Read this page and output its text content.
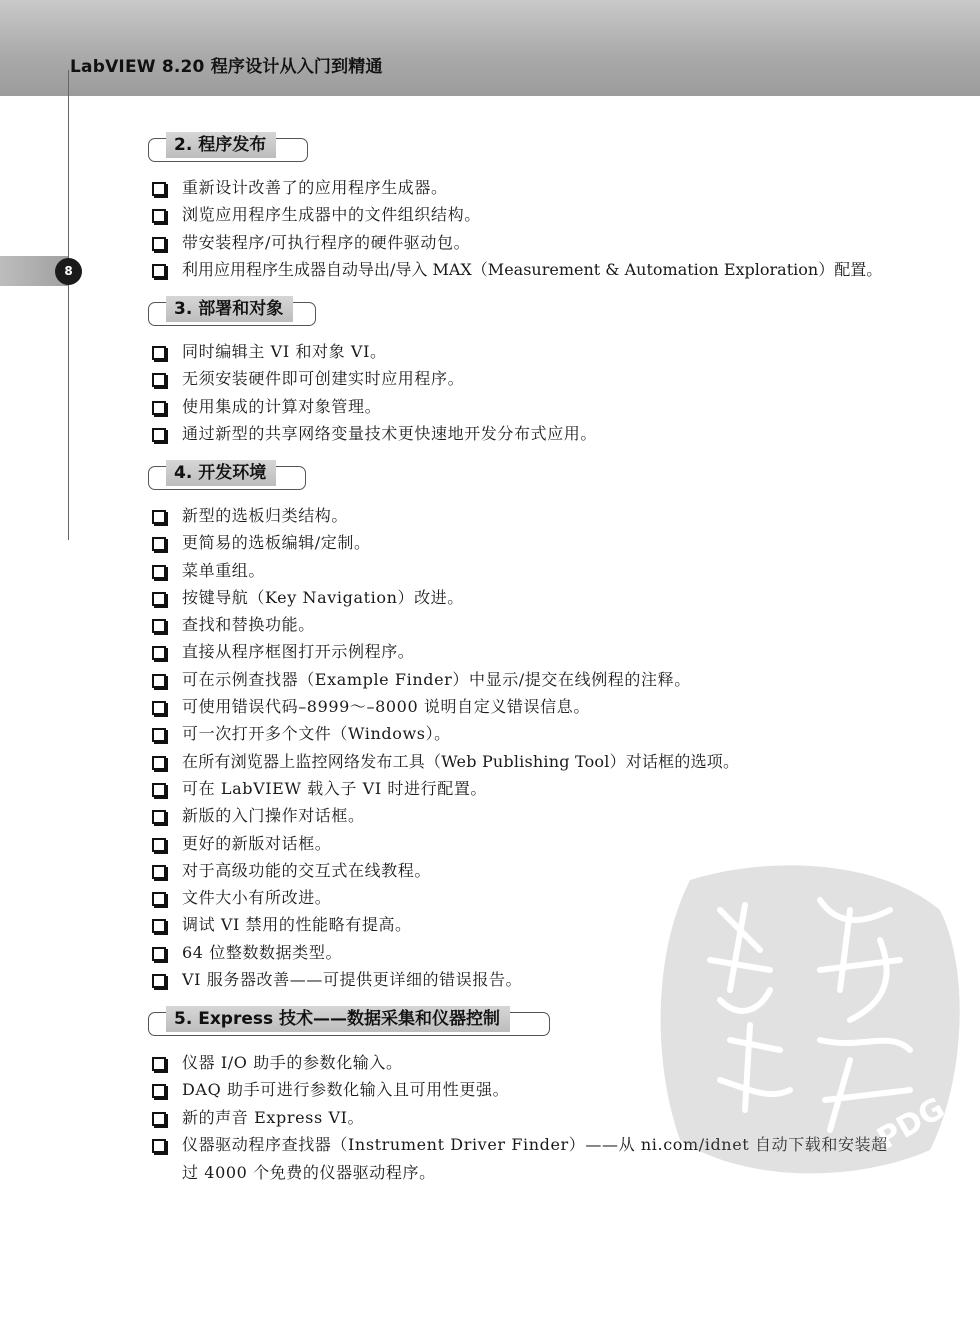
LabVIEW 8.20 程序设计从入门到精通
8
2. 程序发布
重新设计改善了的应用程序生成器。
浏览应用程序生成器中的文件组织结构。
带安装程序/可执行程序的硬件驱动包。
利用应用程序生成器自动导出/导入 MAX（Measurement & Automation Exploration）配置。
3. 部署和对象
同时编辑主 VI 和对象 VI。
无须安装硬件即可创建实时应用程序。
使用集成的计算对象管理。
通过新型的共享网络变量技术更快速地开发分布式应用。
4. 开发环境
新型的选板归类结构。
更简易的选板编辑/定制。
菜单重组。
按键导航（Key Navigation）改进。
查找和替换功能。
直接从程序框图打开示例程序。
可在示例查找器（Example Finder）中显示/提交在线例程的注释。
可使用错误代码–8999～–8000 说明自定义错误信息。
可一次打开多个文件（Windows）。
在所有浏览器上监控网络发布工具（Web Publishing Tool）对话框的选项。
可在 LabVIEW 载入子 VI 时进行配置。
新版的入门操作对话框。
更好的新版对话框。
对于高级功能的交互式在线教程。
文件大小有所改进。
调试 VI 禁用的性能略有提高。
64 位整数数据类型。
VI 服务器改善——可提供更详细的错误报告。
5. Express 技术——数据采集和仪器控制
仪器 I/O 助手的参数化输入。
DAQ 助手可进行参数化输入且可用性更强。
新的声音 Express VI。
仪器驱动程序查找器（Instrument Driver Finder）——从 ni.com/idnet 自动下载和安装超过 4000 个免费的仪器驱动程序。
PDG
